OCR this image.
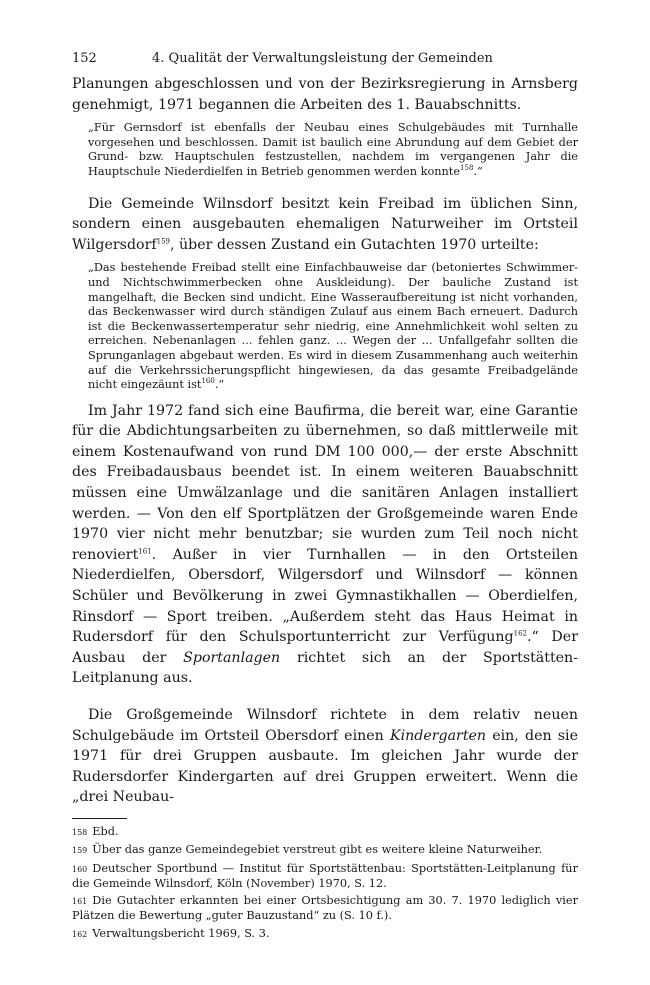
152	4. Qualität der Verwaltungsleistung der Gemeinden

Planungen abgeschlossen und von der Bezirksregierung in Arnsberg genehmigt, 1971 begannen die Arbeiten des 1. Bauabschnitts.

„Für Gernsdorf ist ebenfalls der Neubau eines Schulgebäudes mit Turnhalle vorgesehen und beschlossen. Damit ist baulich eine Abrundung auf dem Gebiet der Grund- bzw. Hauptschulen festzustellen, nachdem im vergangenen Jahr die Hauptschule Niederdielfen in Betrieb genommen werden konnte$^{158}$.“

Die Gemeinde Wilnsdorf besitzt kein Freibad im üblichen Sinn, sondern einen ausgebauten ehemaligen Naturweiher im Ortsteil Wilgersdorf$^{159}$, über dessen Zustand ein Gutachten 1970 urteilte:

„Das bestehende Freibad stellt eine Einfachbauweise dar (betoniertes Schwimmer- und Nichtschwimmerbecken ohne Auskleidung). Der bauliche Zustand ist mangelhaft, die Becken sind undicht. Eine Wasseraufbereitung ist nicht vorhanden, das Beckenwasser wird durch ständigen Zulauf aus einem Bach erneuert. Dadurch ist die Beckenwassertemperatur sehr niedrig, eine Annehmlichkeit wohl selten zu erreichen. Nebenanlagen ... fehlen ganz. ... Wegen der ... Unfallgefahr sollten die Sprunganlagen abgebaut werden. Es wird in diesem Zusammenhang auch weiterhin auf die Verkehrssicherungspflicht hingewiesen, da das gesamte Freibadgelände nicht eingezäunt ist$^{160}$.“

Im Jahr 1972 fand sich eine Baufirma, die bereit war, eine Garantie für die Abdichtungsarbeiten zu übernehmen, so daß mittlerweile mit einem Kostenaufwand von rund DM 100 000,— der erste Abschnitt des Freibadausbaus beendet ist. In einem weiteren Bauabschnitt müssen eine Umwälzanlage und die sanitären Anlagen installiert werden. — Von den elf Sportplätzen der Großgemeinde waren Ende 1970 vier nicht mehr benutzbar; sie wurden zum Teil noch nicht renoviert$^{161}$. Außer in vier Turnhallen — in den Ortsteilen Niederdielfen, Obersdorf, Wilgersdorf und Wilnsdorf — können Schüler und Bevölkerung in zwei Gymnastikhallen — Oberdielfen, Rinsdorf — Sport treiben. „Außerdem steht das Haus Heimat in Rudersdorf für den Schulsportunterricht zur Verfügung$^{162}$.“ Der Ausbau der Sportanlagen richtet sich an der Sportstätten-Leitplanung aus.

Die Großgemeinde Wilnsdorf richtete in dem relativ neuen Schulgebäude im Ortsteil Obersdorf einen Kindergarten ein, den sie 1971 für drei Gruppen ausbaute. Im gleichen Jahr wurde der Rudersdorfer Kindergarten auf drei Gruppen erweitert. Wenn die „drei Neubau-

158 Ebd.

159 Über das ganze Gemeindegebiet verstreut gibt es weitere kleine Naturweiher.

160 Deutscher Sportbund — Institut für Sportstättenbau: Sportstätten-Leitplanung für die Gemeinde Wilnsdorf, Köln (November) 1970, S. 12.

161 Die Gutachter erkannten bei einer Ortsbesichtigung am 30. 7. 1970 lediglich vier Plätzen die Bewertung „guter Bauzustand“ zu (S. 10 f.).

162 Verwaltungsbericht 1969, S. 3.
